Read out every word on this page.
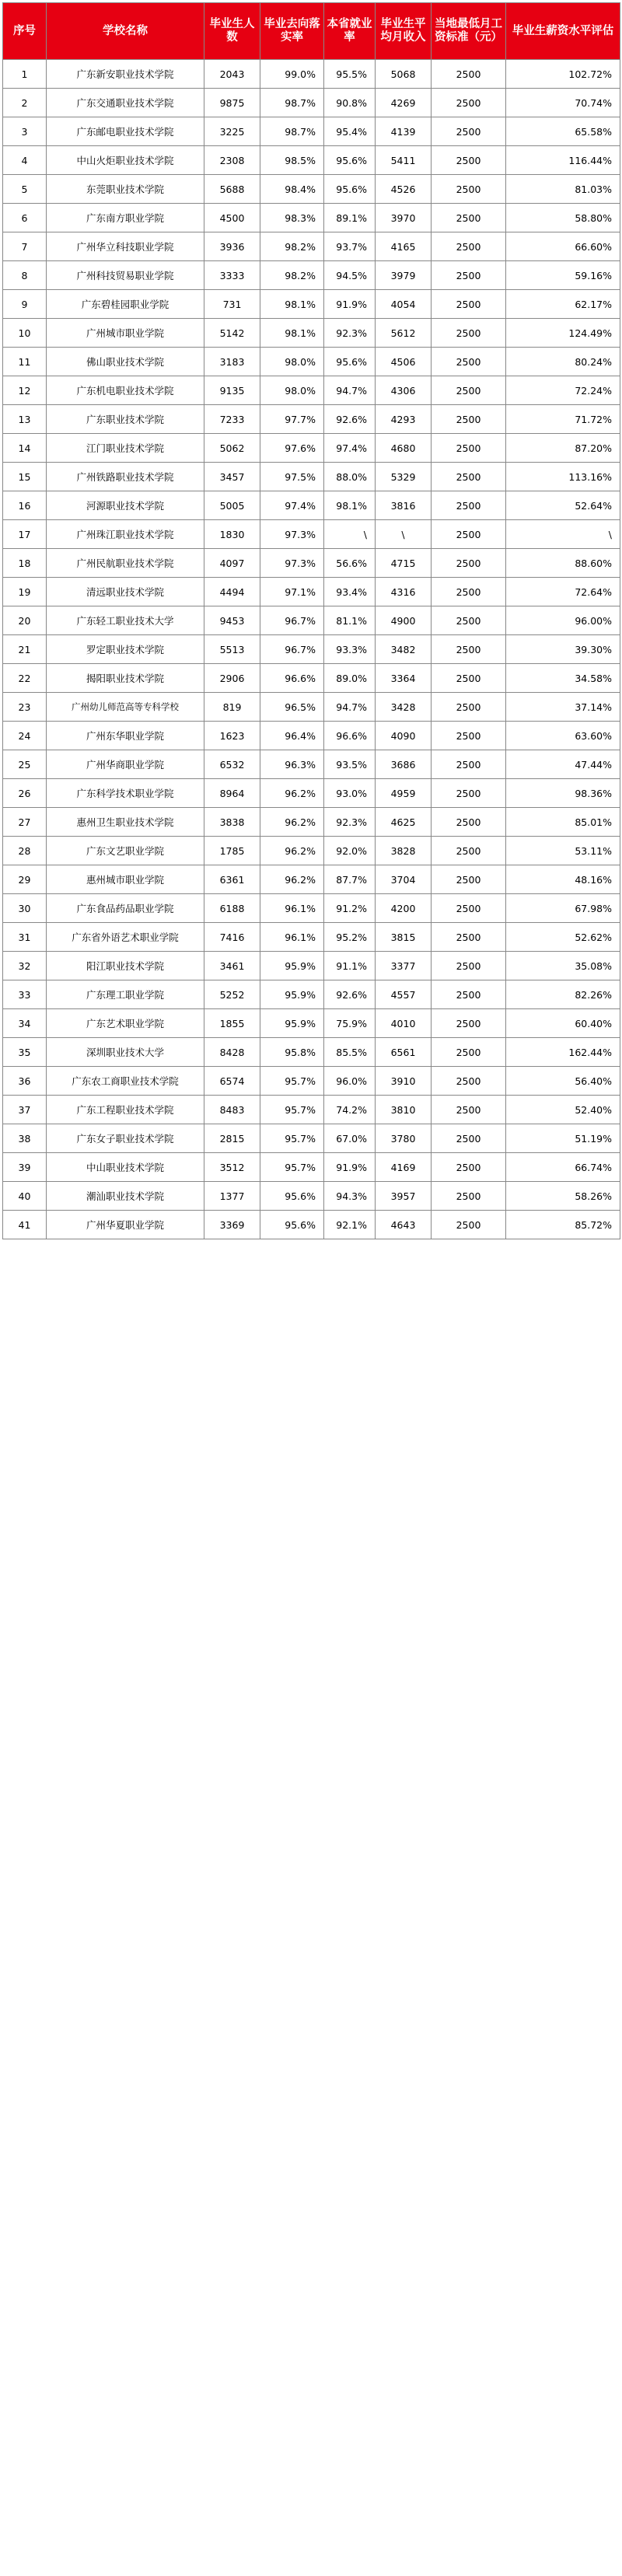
序号	学校名称	毕业生人数	毕业去向落实率	本省就业率	毕业生平均月收入	当地最低月工资标准（元）	毕业生薪资水平评估
1	广东新安职业技术学院	2043	99.0%	95.5%	5068	2500	102.72%
2	广东交通职业技术学院	9875	98.7%	90.8%	4269	2500	70.74%
3	广东邮电职业技术学院	3225	98.7%	95.4%	4139	2500	65.58%
4	中山火炬职业技术学院	2308	98.5%	95.6%	5411	2500	116.44%
5	东莞职业技术学院	5688	98.4%	95.6%	4526	2500	81.03%
6	广东南方职业学院	4500	98.3%	89.1%	3970	2500	58.80%
7	广州华立科技职业学院	3936	98.2%	93.7%	4165	2500	66.60%
8	广州科技贸易职业学院	3333	98.2%	94.5%	3979	2500	59.16%
9	广东碧桂园职业学院	731	98.1%	91.9%	4054	2500	62.17%
10	广州城市职业学院	5142	98.1%	92.3%	5612	2500	124.49%
11	佛山职业技术学院	3183	98.0%	95.6%	4506	2500	80.24%
12	广东机电职业技术学院	9135	98.0%	94.7%	4306	2500	72.24%
13	广东职业技术学院	7233	97.7%	92.6%	4293	2500	71.72%
14	江门职业技术学院	5062	97.6%	97.4%	4680	2500	87.20%
15	广州铁路职业技术学院	3457	97.5%	88.0%	5329	2500	113.16%
16	河源职业技术学院	5005	97.4%	98.1%	3816	2500	52.64%
17	广州珠江职业技术学院	1830	97.3%	\	\	2500	\
18	广州民航职业技术学院	4097	97.3%	56.6%	4715	2500	88.60%
19	清远职业技术学院	4494	97.1%	93.4%	4316	2500	72.64%
20	广东轻工职业技术大学	9453	96.7%	81.1%	4900	2500	96.00%
21	罗定职业技术学院	5513	96.7%	93.3%	3482	2500	39.30%
22	揭阳职业技术学院	2906	96.6%	89.0%	3364	2500	34.58%
23	广州幼儿师范高等专科学校	819	96.5%	94.7%	3428	2500	37.14%
24	广州东华职业学院	1623	96.4%	96.6%	4090	2500	63.60%
25	广州华商职业学院	6532	96.3%	93.5%	3686	2500	47.44%
26	广东科学技术职业学院	8964	96.2%	93.0%	4959	2500	98.36%
27	惠州卫生职业技术学院	3838	96.2%	92.3%	4625	2500	85.01%
28	广东文艺职业学院	1785	96.2%	92.0%	3828	2500	53.11%
29	惠州城市职业学院	6361	96.2%	87.7%	3704	2500	48.16%
30	广东食品药品职业学院	6188	96.1%	91.2%	4200	2500	67.98%
31	广东省外语艺术职业学院	7416	96.1%	95.2%	3815	2500	52.62%
32	阳江职业技术学院	3461	95.9%	91.1%	3377	2500	35.08%
33	广东理工职业学院	5252	95.9%	92.6%	4557	2500	82.26%
34	广东艺术职业学院	1855	95.9%	75.9%	4010	2500	60.40%
35	深圳职业技术大学	8428	95.8%	85.5%	6561	2500	162.44%
36	广东农工商职业技术学院	6574	95.7%	96.0%	3910	2500	56.40%
37	广东工程职业技术学院	8483	95.7%	74.2%	3810	2500	52.40%
38	广东女子职业技术学院	2815	95.7%	67.0%	3780	2500	51.19%
39	中山职业技术学院	3512	95.7%	91.9%	4169	2500	66.74%
40	潮汕职业技术学院	1377	95.6%	94.3%	3957	2500	58.26%
41	广州华夏职业学院	3369	95.6%	92.1%	4643	2500	85.72%
